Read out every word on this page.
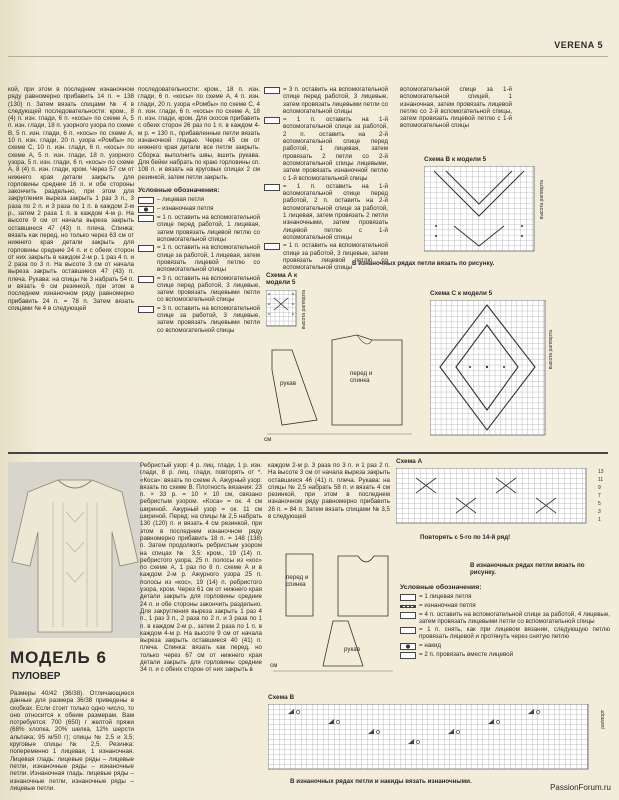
VERENA 5

кой, при этом в последнем изнаночном ряду равномерно прибавить 14 п. = 138 (130) п. Затем вязать спицами № 4 в следующей последовательности: кром., 8 (4) п. изн. глади, 6 п. «косы» по схеме А, 5 п. изн. глади, 18 п. узорного узора по схеме В, 5 п. изн. глади, 6 п. «косы» по схеме А, 10 п. изн. глади, 20 п. узора «Ромбы» по схеме С, 10 п. изн. глади, 6 п. «косы» по схеме А, 5 п. изн. глади, 18 п. узорного узора, 5 п. изн. глади, 6 п. «косы» по схеме А, 8 (4) п. изн. глади, кром. Через 57 см от нижнего края детали закрыть для горловины средние 16 п. и обе стороны закончить раздельно, при этом для закругления выреза закрыть 1 раз 3 п., 3 раза по 2 п. и 3 раза по 1 п. в каждом 2-м р., затем 2 раза 1 п. в каждом 4-м р. На высоте 9 см от начала выреза закрыть оставшиеся 47 (43) п. плеча. Спинка: вязать как перед, но только через 63 см от нижнего края детали закрыть для горловины средние 24 п. и с обеих сторон от них закрыть в каждом 2-м р. 1 раз 4 п. и 2 раза по 3 п. На высоте 3 см от начала выреза закрыть оставшиеся 47 (43) п. плеча. Рукава: на спицы № 3 набрать 54 п. и вязать 6 см резинкой, при этом в последнем изнаночном ряду равномерно прибавить 24 п. = 78 п. Затем вязать спицами № 4 в следующей

последовательности: кром., 18 п. изн. глади, 6 п. «косы» по схеме А, 4 п. изн. глади, 20 п. узора «Ромбы» по схеме С, 4 п. изн. глади, 6 п. «косы» по схеме А, 18 п. изн. глади, кром. Для скосов прибавить с обеих сторон 26 раз по 1 п. в каждом 4-м р. = 130 п., прибавленные петли вязать изнаночной гладью. Через 45 см от нижнего края детали все петли закрыть. Сборка: выполнить швы, вшить рукава. Для бейки набрать по краю горловины сп. 108 п. и вязать на круговых спицах 2 см резинкой, затем петли закрыть.

Условные обозначения:
– лицевая петля
– изнаночная петля
= 1 п. оставить на вспомогательной спице перед работой, 1 лицевая, затем провязать лицевой петлю со вспомогательной спицы
= 1 п. оставить на вспомогательной спице за работой, 1 лицевая, затем провязать лицевой петлю со вспомогательной спицы
= 3 п. оставить на вспомогательной спице перед работой, 3 лицевые, затем провязать лицевыми петли со вспомогательной спицы
= 3 п. оставить на вспомогательной спице за работой, 3 лицевые, затем провязать лицевыми петли со вспомогательной спицы
= 3 п. оставить на вспомогательной спице перед работой, 3 лицевые, затем провязать лицевыми петли со вспомогательной спицы
= 1 п. оставить на 1-й вспомогательной спице за работой, 2 п. оставить на 2-й вспомогательной спице перед работой, 1 лицевая, затем провязать 2 петли со 2-й вспомогательной спицы лицевыми, затем провязать изнаночной петлю с 1-й вспомогательной спицы
= 1 п. оставить на 1-й вспомогательной спице перед работой, 2 п. оставить на 2-й вспомогательной спице за работой, 1 лицевая, затем провязать 2 петли изнаночными, затем провязать лицевой петлю с 1-й вспомогательной спицы
= 1 п. оставить на вспомогательной спице за работой, 3 лицевые, затем провязать лицевой петлю со вспомогательной спицы

вспомогательной спице за 1-й вспомогательной спицей, 1 изнаночная, затем провязать лицевой петлю со 2-й вспомогательной спицы, затем провязать лицевой петлю с 1-й вспомогательной спицы

Схема В к модели 5
высота раппорта
Схема А к модели 5
высота раппорта
В изнаночных рядах петли вязать по рисунку.
рукав
перед и спинка
см
Схема С к модели 5
высота раппорта
МОДЕЛЬ 6
ПУЛОВЕР

Размеры 40/42 (36/38). Отличающиеся данные для размера 36/38 приведены в скобках. Если стоит только одно число, то оно относится к обеим размерам. Вам потребуется: 700 (650) г желтой пряжи (68% хлопка, 20% шелка, 12% шерсти альпака; 95 м/50 г); спицы № 2,5 и 3,5; круговые спицы № 2,5. Резинка: попеременно 1 лицевая, 1 изнаночная. Лицевая гладь: лицевые ряды – лицевые петли, изнаночные ряды – изнаночные петли. Изнаночная гладь: лицевые ряды – изнаночные петли, изнаночные ряды – лицевые петли.

Ребристый узор: 4 р. лиц. глади, 1 р. изн. глади, 8 р. лиц. глади, повторять от *. «Коса»: вязать по схеме А. Ажурный узор: вязать по схеме В. Плотность вязания: 23 п. × 33 р. = 10 × 10 см, связано ребристым узором. «Коса» = ок. 4 см шириной. Ажурный узор = ок. 11 см шириной. Перед: на спицы № 2,5 набрать 130 (120) п. и вязать 4 см резинкой, при этом в последнем изнаночном ряду равномерно прибавить 18 п. = 148 (138) п. Затем продолжить ребристым узором на спицах № 3,5: кром., 19 (14) п. ребристого узора, 25 п. полосы из «кос» по схеме А, 1 раз по 8 п. схеме А и в каждом 2-м р. Ажурного узора 25 п. полосы из «кос», 19 (14) п. ребристого узора, кром. Через 61 см от нижнего края детали закрыть для горловины средние 24 п. и обе стороны закончить раздельно. Для закругления выреза закрыть 1 раз 4 п., 1 раз 3 п., 2 раза по 2 п. и 3 раза по 1 п. в каждом 2-м р., затем 2 раза по 1 п. в каждом 4-м р. На высоте 9 см от начала выреза закрыть оставшиеся 40 (41) п. плеча. Спинка: вязать как перед, но только через 67 см от нижнего края детали закрыть для горловины средние 34 п. и с обеих сторон от них закрыть в

каждом 2-м р. 3 раза по 3 п. и 1 раз 2 п. На высоте 3 см от начала выреза закрыть оставшиеся 46 (41) п. плеча. Рукава: на спицы № 2,5 набрать 58 п. и вязать 4 см резинкой, при этом в последнем изнаночном ряду равномерно прибавить 26 п. = 84 п. Затем вязать спицами № 3,5 в следующей

перед и спинка
рукав
см
Схема А
13
11
9
7
5
3
1
Повторять с 5-го по 14-й ряд!
В изнаночных рядах петли вязать по рисунку.
Условные обозначения:
= 1 лицевая петля
= изнаночная петля
= 4 п. оставить на вспомогательной спице за работой, 4 лицевые, затем провязать лицевыми петли со вспомогательной спицы
= 1 п. снять, как при лицевом вязании, следующую петлю провязать лицевой и протянуть через снятую петлю
= накид
= 2 п. провязать вместе лицевой
Схема В
раппорт
В изнаночных рядах петли и накиды вязать изнаночными.
PassionForum.ru
